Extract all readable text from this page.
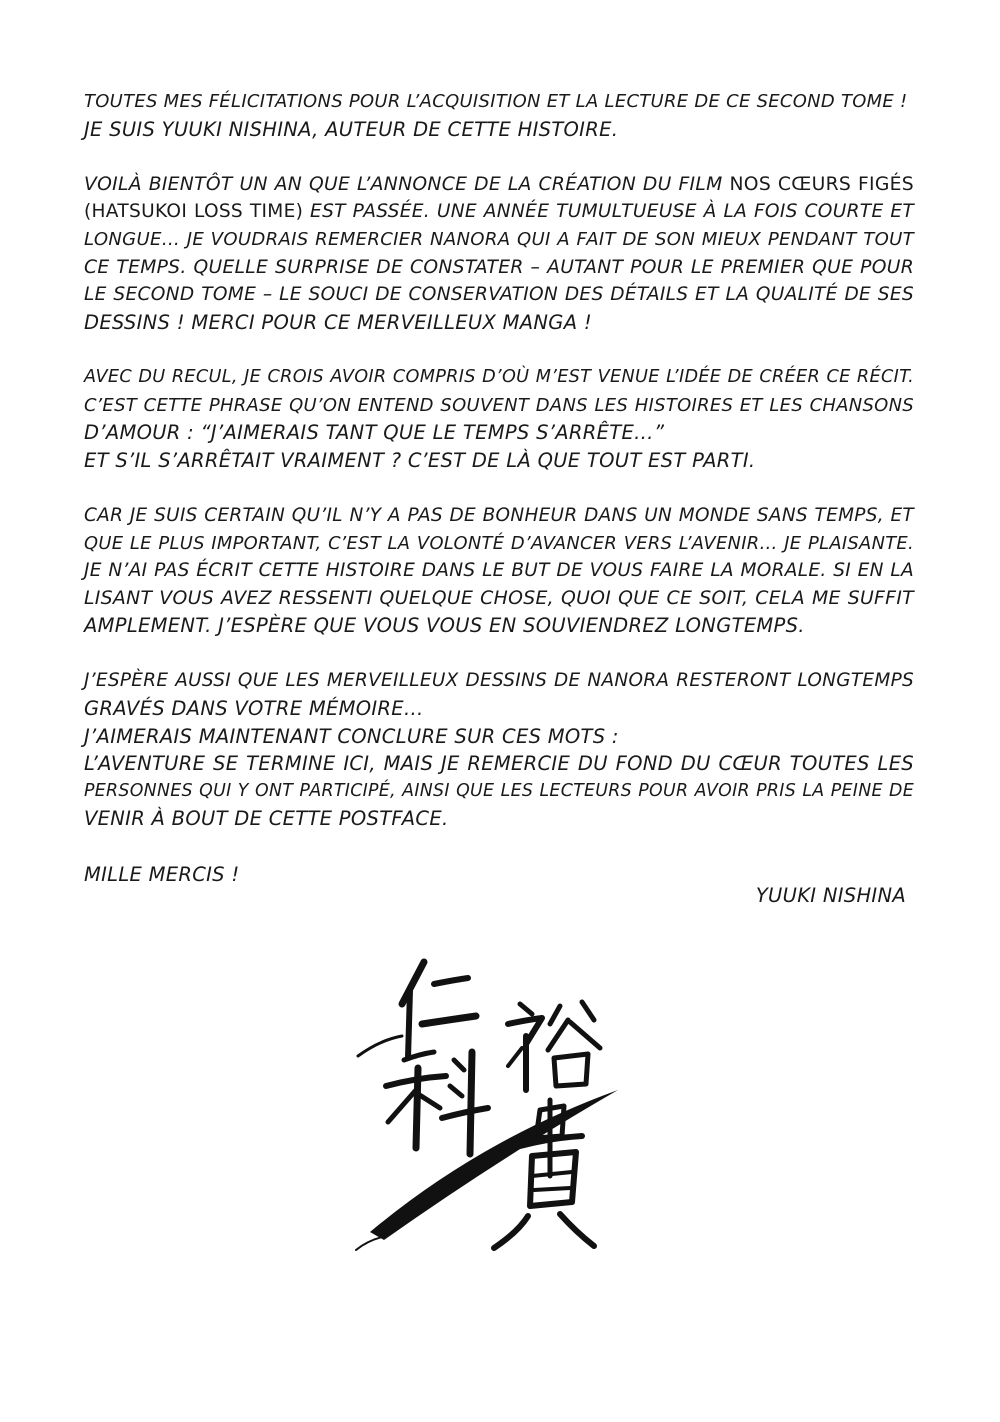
TOUTES MES FÉLICITATIONS POUR L’ACQUISITION ET LA LECTURE DE CE SECOND TOME !
JE SUIS YUUKI NISHINA, AUTEUR DE CETTE HISTOIRE.

VOILÀ BIENTÔT UN AN QUE L’ANNONCE DE LA CRÉATION DU FILM NOS CŒURS FIGÉS
(HATSUKOI LOSS TIME) EST PASSÉE. UNE ANNÉE TUMULTUEUSE À LA FOIS COURTE ET
LONGUE… JE VOUDRAIS REMERCIER NANORA QUI A FAIT DE SON MIEUX PENDANT TOUT
CE TEMPS. QUELLE SURPRISE DE CONSTATER – AUTANT POUR LE PREMIER QUE POUR
LE SECOND TOME – LE SOUCI DE CONSERVATION DES DÉTAILS ET LA QUALITÉ DE SES
DESSINS ! MERCI POUR CE MERVEILLEUX MANGA !

AVEC DU RECUL, JE CROIS AVOIR COMPRIS D’OÙ M’EST VENUE L’IDÉE DE CRÉER CE RÉCIT.
C’EST CETTE PHRASE QU’ON ENTEND SOUVENT DANS LES HISTOIRES ET LES CHANSONS
D’AMOUR : “J’AIMERAIS TANT QUE LE TEMPS S’ARRÊTE…”
ET S’IL S’ARRÊTAIT VRAIMENT ? C’EST DE LÀ QUE TOUT EST PARTI.

CAR JE SUIS CERTAIN QU’IL N’Y A PAS DE BONHEUR DANS UN MONDE SANS TEMPS, ET
QUE LE PLUS IMPORTANT, C’EST LA VOLONTÉ D’AVANCER VERS L’AVENIR… JE PLAISANTE.
JE N’AI PAS ÉCRIT CETTE HISTOIRE DANS LE BUT DE VOUS FAIRE LA MORALE. SI EN LA
LISANT VOUS AVEZ RESSENTI QUELQUE CHOSE, QUOI QUE CE SOIT, CELA ME SUFFIT
AMPLEMENT. J’ESPÈRE QUE VOUS VOUS EN SOUVIENDREZ LONGTEMPS.

J’ESPÈRE AUSSI QUE LES MERVEILLEUX DESSINS DE NANORA RESTERONT LONGTEMPS
GRAVÉS DANS VOTRE MÉMOIRE…
J’AIMERAIS MAINTENANT CONCLURE SUR CES MOTS :
L’AVENTURE SE TERMINE ICI, MAIS JE REMERCIE DU FOND DU CŒUR TOUTES LES
PERSONNES QUI Y ONT PARTICIPÉ, AINSI QUE LES LECTEURS POUR AVOIR PRIS LA PEINE DE
VENIR À BOUT DE CETTE POSTFACE.

MILLE MERCIS !

YUUKI NISHINA
